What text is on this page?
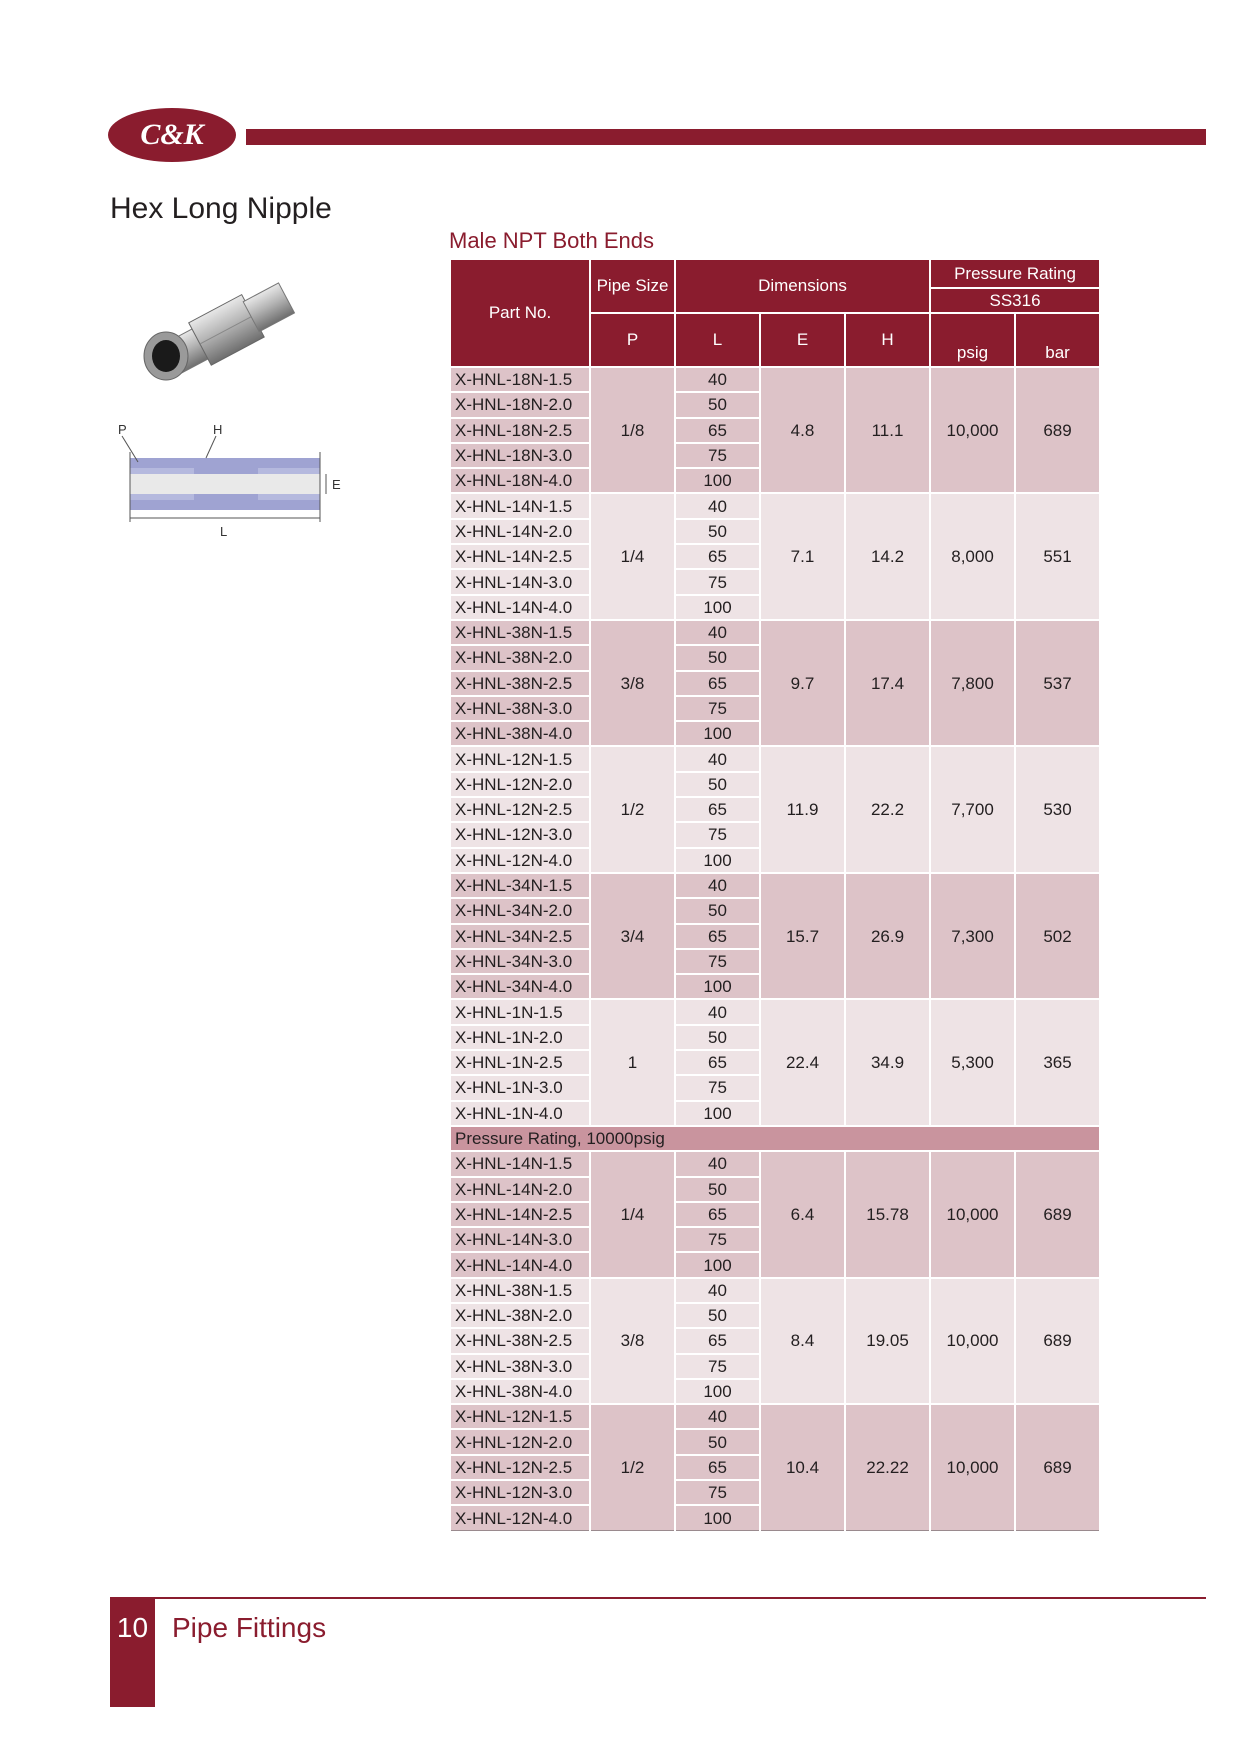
C&K
Hex Long Nipple
P	H
E
L
Male NPT Both Ends
Part No.	Pipe Size	Dimensions			Pressure Rating	
					SS316	
	P	L	E	H	psig	bar
X-HNL-18N-1.5	1/8	40	4.8	11.1	10,000	689
X-HNL-18N-2.0		50				
X-HNL-18N-2.5		65				
X-HNL-18N-3.0		75				
X-HNL-18N-4.0		100				
X-HNL-14N-1.5	1/4	40	7.1	14.2	8,000	551
X-HNL-14N-2.0		50				
X-HNL-14N-2.5		65				
X-HNL-14N-3.0		75				
X-HNL-14N-4.0		100				
X-HNL-38N-1.5	3/8	40	9.7	17.4	7,800	537
X-HNL-38N-2.0		50				
X-HNL-38N-2.5		65				
X-HNL-38N-3.0		75				
X-HNL-38N-4.0		100				
X-HNL-12N-1.5	1/2	40	11.9	22.2	7,700	530
X-HNL-12N-2.0		50				
X-HNL-12N-2.5		65				
X-HNL-12N-3.0		75				
X-HNL-12N-4.0		100				
X-HNL-34N-1.5	3/4	40	15.7	26.9	7,300	502
X-HNL-34N-2.0		50				
X-HNL-34N-2.5		65				
X-HNL-34N-3.0		75				
X-HNL-34N-4.0		100				
X-HNL-1N-1.5	1	40	22.4	34.9	5,300	365
X-HNL-1N-2.0		50				
X-HNL-1N-2.5		65				
X-HNL-1N-3.0		75				
X-HNL-1N-4.0		100				
Pressure Rating, 10000psig						
X-HNL-14N-1.5	1/4	40	6.4	15.78	10,000	689
X-HNL-14N-2.0		50				
X-HNL-14N-2.5		65				
X-HNL-14N-3.0		75				
X-HNL-14N-4.0		100				
X-HNL-38N-1.5	3/8	40	8.4	19.05	10,000	689
X-HNL-38N-2.0		50				
X-HNL-38N-2.5		65				
X-HNL-38N-3.0		75				
X-HNL-38N-4.0		100				
X-HNL-12N-1.5	1/2	40	10.4	22.22	10,000	689
X-HNL-12N-2.0		50				
X-HNL-12N-2.5		65				
X-HNL-12N-3.0		75				
X-HNL-12N-4.0		100				
10 Pipe Fittings
